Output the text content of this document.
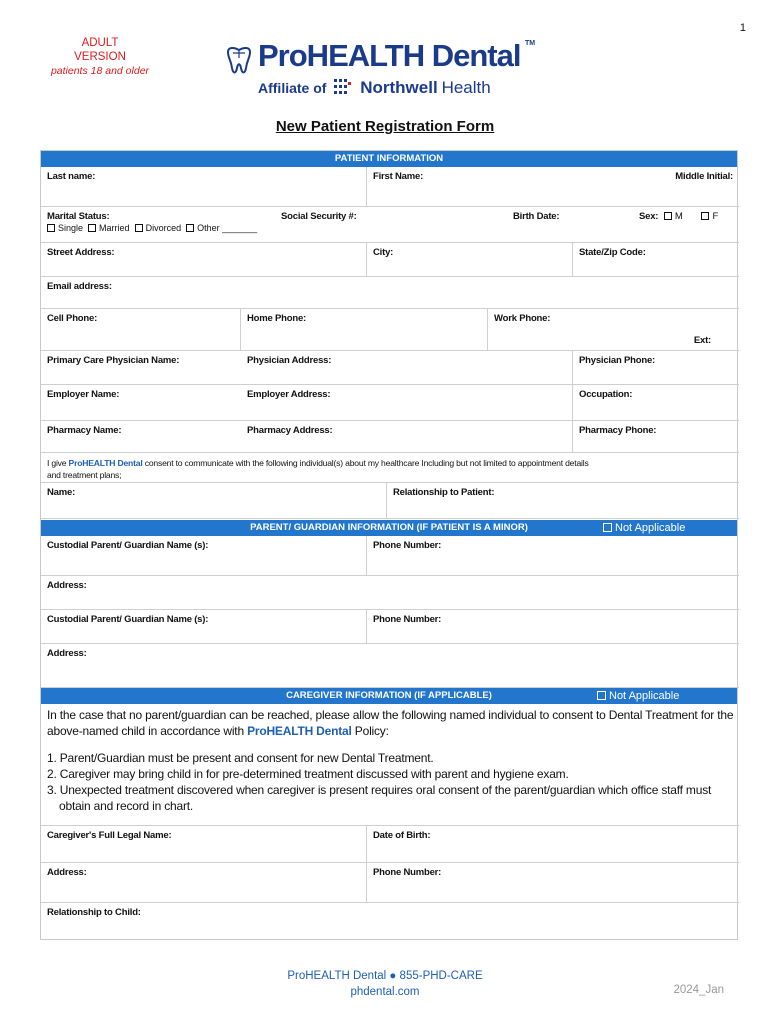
1
ADULT
VERSION
patients 18 and older	ProHEALTH Dental TM
Affiliate of Northwell Health
New Patient Registration Form
PATIENT INFORMATION
Last name:	First Name:	Middle Initial:
Marital Status:
Single Married Divorced Other _______
Social Security #:	Birth Date:	Sex: M	F
Street Address:	City:	State/Zip Code:
Email address:
Cell Phone:	Home Phone:	Work Phone:
Ext:
Primary Care Physician Name:	Physician Address:	Physician Phone:
Employer Name:	Employer Address:	Occupation:
Pharmacy Name:	Pharmacy Address:	Pharmacy Phone:
I give ProHEALTH Dental consent to communicate with the following individual(s) about my healthcare Including but not limited to appointment details
and treatment plans;
Name:	Relationship to Patient:
PARENT/ GUARDIAN INFORMATION (IF PATIENT IS A MINOR)	Not Applicable
Custodial Parent/ Guardian Name (s):	Phone Number:
Address:
Custodial Parent/ Guardian Name (s):	Phone Number:
Address:
CAREGIVER INFORMATION (IF APPLICABLE)	Not Applicable
In the case that no parent/guardian can be reached, please allow the following named individual to consent to Dental Treatment for the above-named child in accordance with ProHEALTH Dental Policy:
1. Parent/Guardian must be present and consent for new Dental Treatment.
2. Caregiver may bring child in for pre-determined treatment discussed with parent and hygiene exam.
3. Unexpected treatment discovered when caregiver is present requires oral consent of the parent/guardian which office staff must
obtain and record in chart.
Caregiver's Full Legal Name:	Date of Birth:
Address:	Phone Number:
Relationship to Child:
ProHEALTH Dental ● 855-PHD-CARE
phdental.com	2024_Jan
